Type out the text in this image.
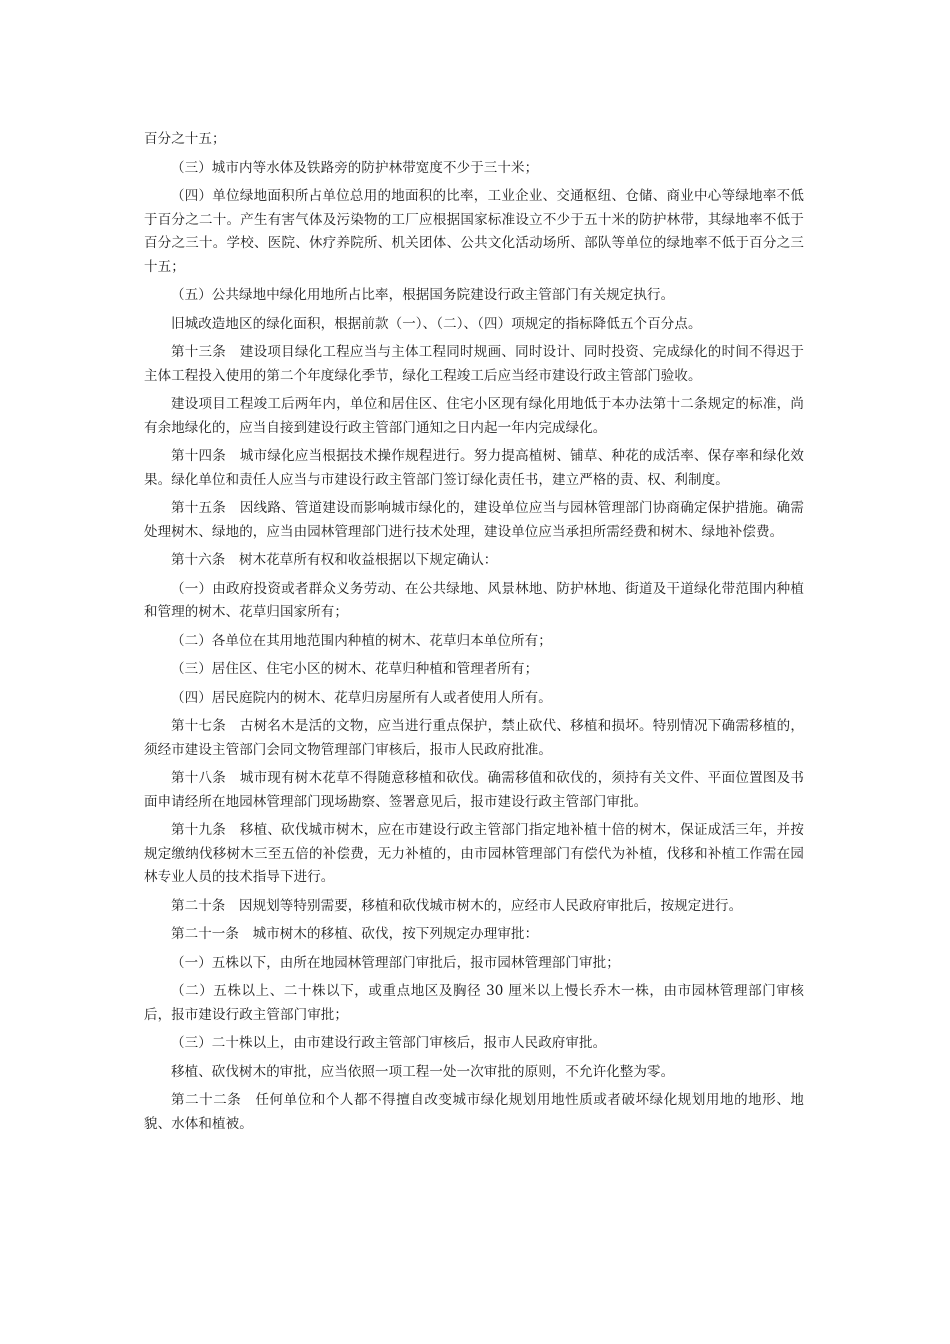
百分之十五；

（三）城市内等水体及铁路旁的防护林带宽度不少于三十米；

（四）单位绿地面积所占单位总用的地面积的比率，工业企业、交通枢纽、仓储、商业中心等绿地率不低于百分之二十。产生有害气体及污染物的工厂应根据国家标准设立不少于五十米的防护林带，其绿地率不低于百分之三十。学校、医院、休疗养院所、机关团体、公共文化活动场所、部队等单位的绿地率不低于百分之三十五；

（五）公共绿地中绿化用地所占比率，根据国务院建设行政主管部门有关规定执行。

旧城改造地区的绿化面积，根据前款（一）、（二）、（四）项规定的指标降低五个百分点。

第十三条　建设项目绿化工程应当与主体工程同时规画、同时设计、同时投资、完成绿化的时间不得迟于主体工程投入使用的第二个年度绿化季节，绿化工程竣工后应当经市建设行政主管部门验收。

建设项目工程竣工后两年内，单位和居住区、住宅小区现有绿化用地低于本办法第十二条规定的标准，尚有余地绿化的，应当自接到建设行政主管部门通知之日内起一年内完成绿化。

第十四条　城市绿化应当根据技术操作规程进行。努力提高植树、铺草、种花的成活率、保存率和绿化效果。绿化单位和责任人应当与市建设行政主管部门签订绿化责任书，建立严格的责、权、利制度。

第十五条　因线路、管道建设而影响城市绿化的，建设单位应当与园林管理部门协商确定保护措施。确需处理树木、绿地的，应当由园林管理部门进行技术处理，建设单位应当承担所需经费和树木、绿地补偿费。

第十六条　树木花草所有权和收益根据以下规定确认：

（一）由政府投资或者群众义务劳动、在公共绿地、风景林地、防护林地、街道及干道绿化带范围内种植和管理的树木、花草归国家所有；

（二）各单位在其用地范围内种植的树木、花草归本单位所有；

（三）居住区、住宅小区的树木、花草归种植和管理者所有；

（四）居民庭院内的树木、花草归房屋所有人或者使用人所有。

第十七条　古树名木是活的文物，应当进行重点保护，禁止砍代、移植和损坏。特别情况下确需移植的，须经市建设主管部门会同文物管理部门审核后，报市人民政府批准。

第十八条　城市现有树木花草不得随意移植和砍伐。确需移值和砍伐的，须持有关文件、平面位置图及书面申请经所在地园林管理部门现场勘察、签署意见后，报市建设行政主管部门审批。

第十九条　移植、砍伐城市树木，应在市建设行政主管部门指定地补植十倍的树木，保证成活三年，并按规定缴纳伐移树木三至五倍的补偿费，无力补植的，由市园林管理部门有偿代为补植，伐移和补植工作需在园林专业人员的技术指导下进行。

第二十条　因规划等特别需要，移植和砍伐城市树木的，应经市人民政府审批后，按规定进行。

第二十一条　城市树木的移植、砍伐，按下列规定办理审批：

（一）五株以下，由所在地园林管理部门审批后，报市园林管理部门审批；

（二）五株以上、二十株以下，或重点地区及胸径 30 厘米以上慢长乔木一株，由市园林管理部门审核后，报市建设行政主管部门审批；

（三）二十株以上，由市建设行政主管部门审核后，报市人民政府审批。

移植、砍伐树木的审批，应当依照一项工程一处一次审批的原则，不允许化整为零。

第二十二条　任何单位和个人都不得擅自改变城市绿化规划用地性质或者破坏绿化规划用地的地形、地貌、水体和植被。
